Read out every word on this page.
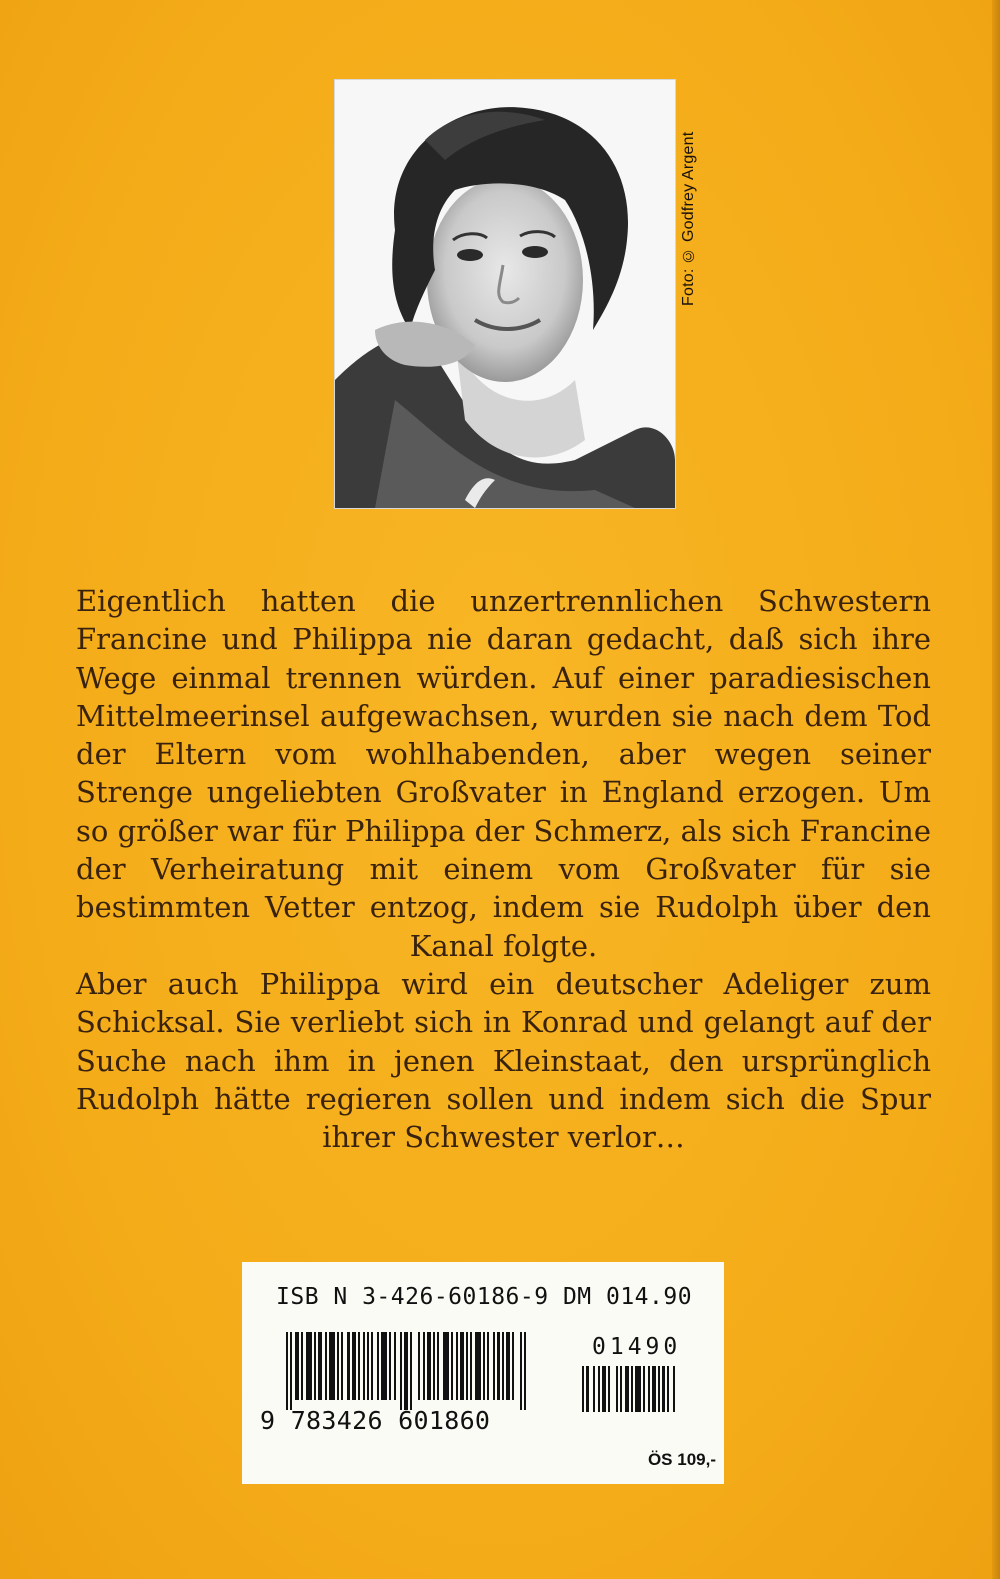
Foto: © Godfrey Argent

Eigentlich hatten die unzertrennlichen Schwestern Francine und Philippa nie daran gedacht, daß sich ihre Wege einmal trennen würden. Auf einer paradiesischen Mittelmeerinsel aufgewachsen, wurden sie nach dem Tod der Eltern vom wohlhabenden, aber wegen seiner Strenge ungeliebten Großvater in England erzogen. Um so größer war für Philippa der Schmerz, als sich Francine der Verheiratung mit einem vom Großvater für sie bestimmten Vetter entzog, indem sie Rudolph über den Kanal folgte.

Aber auch Philippa wird ein deutscher Adeliger zum Schicksal. Sie verliebt sich in Konrad und gelangt auf der Suche nach ihm in jenen Kleinstaat, den ursprünglich Rudolph hätte regieren sollen und indem sich die Spur ihrer Schwester verlor…

ISB N 3-426-60186-9 DM 014.90
01490
9 783426 601860
ÖS 109,-
